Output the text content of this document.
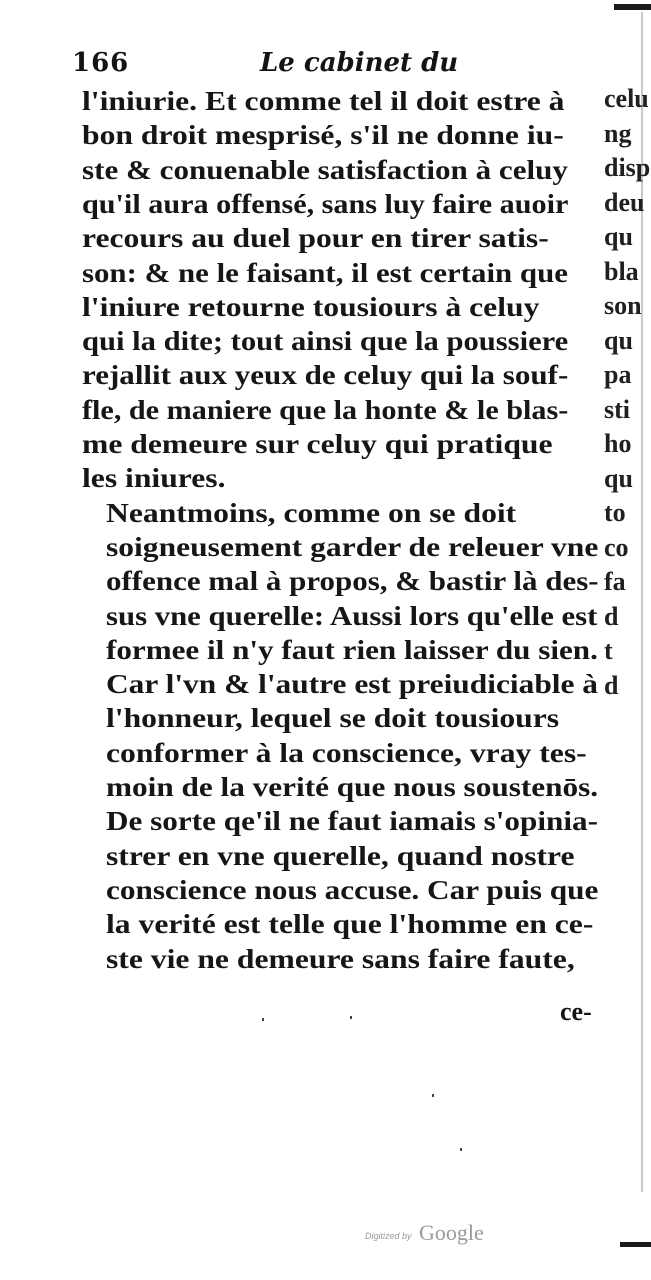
166	Le cabinet du
l'iniurie. Et comme tel il doit estre à
bon droit mesprisé, s'il ne donne iu-
ste & conuenable satisfaction à celuy
qu'il aura offensé, sans luy faire auoir
recours au duel pour en tirer satis-
son: & ne le faisant, il est certain que
l'iniure retourne tousiours à celuy
qui la dite; tout ainsi que la poussiere
rejallit aux yeux de celuy qui la souf-
fle, de maniere que la honte & le blas-
me demeure sur celuy qui pratique
les iniures.
Neantmoins, comme on se doit
soigneusement garder de releuer vne
offence mal à propos, & bastir là des-
sus vne querelle: Aussi lors qu'elle est
formee il n'y faut rien laisser du sien.
Car l'vn & l'autre est preiudiciable à
l'honneur, lequel se doit tousiours
conformer à la conscience, vray tes-
moin de la verité que nous soustenōs.
De sorte qe'il ne faut iamais s'opinia-
strer en vne querelle, quand nostre
conscience nous accuse. Car puis que
la verité est telle que l'homme en ce-
ste vie ne demeure sans faire faute,
celu
ng
disp
deu
qu
bla
son
qu
pa
sti
ho
qu
to
co
fa
d
t
d
ce-
Digitized by Google
